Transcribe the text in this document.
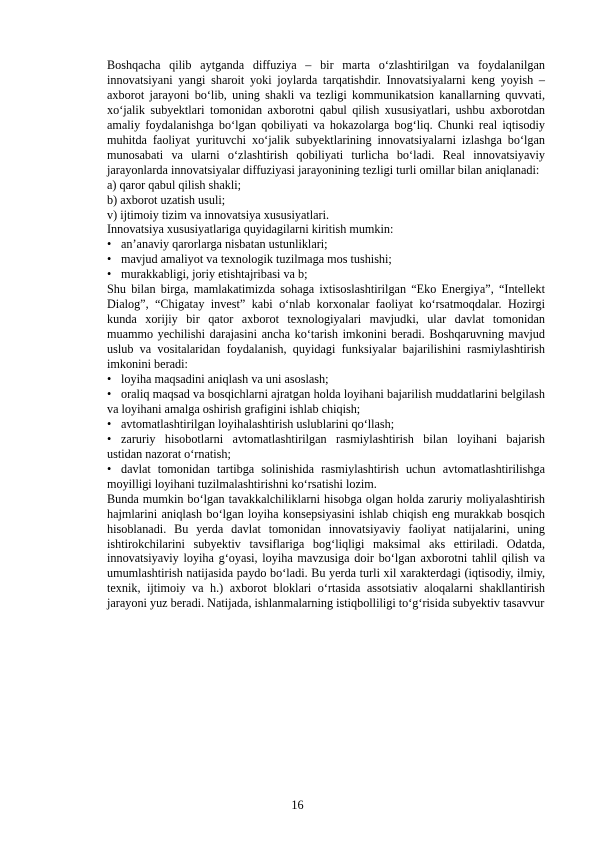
Boshqacha qilib aytganda diffuziya – bir marta o‘zlashtirilgan va foydalanilgan innovatsiyani yangi sharoit yoki joylarda tarqatishdir. Innovatsiyalarni keng yoyish – axborot jarayoni bo‘lib, uning shakli va tezligi kommunikatsion kanallarning quvvati, xo‘jalik subyektlari tomonidan axborotni qabul qilish xususiyatlari, ushbu axborotdan amaliy foydalanishga bo‘lgan qobiliyati va hokazolarga bog‘liq. Chunki real iqtisodiy muhitda faoliyat yurituvchi xo‘jalik subyektlarining innovatsiyalarni izlashga bo‘lgan munosabati va ularni o‘zlashtirish qobiliyati turlicha bo‘ladi. Real innovatsiyaviy jarayonlarda innovatsiyalar diffuziyasi jarayonining tezligi turli omillar bilan aniqlanadi:

a) qaror qabul qilish shakli;

b) axborot uzatish usuli;

v) ijtimoiy tizim va innovatsiya xususiyatlari.

Innovatsiya xususiyatlariga quyidagilarni kiritish mumkin:

• an’anaviy qarorlarga nisbatan ustunliklari;

• mavjud amaliyot va texnologik tuzilmaga mos tushishi;

• murakkabligi, joriy etishtajribasi va b;

Shu bilan birga, mamlakatimizda sohaga ixtisoslashtirilgan “Eko Energiya”, “Intellekt Dialog”, “Chigatay invest” kabi o‘nlab korxonalar faoliyat ko‘rsatmoqdalar. Hozirgi kunda xorijiy bir qator axborot texnologiyalari mavjudki, ular davlat tomonidan muammo yechilishi darajasini ancha ko‘tarish imkonini beradi. Boshqaruvning mavjud uslub va vositalaridan foydalanish, quyidagi funksiyalar bajarilishini rasmiylashtirish imkonini beradi:

• loyiha maqsadini aniqlash va uni asoslash;

• oraliq maqsad va bosqichlarni ajratgan holda loyihani bajarilish muddatlarini belgilash va loyihani amalga oshirish grafigini ishlab chiqish;

• avtomatlashtirilgan loyihalashtirish uslublarini qo‘llash;

• zaruriy hisobotlarni avtomatlashtirilgan rasmiylashtirish bilan loyihani bajarish ustidan nazorat o‘rnatish;

• davlat tomonidan tartibga solinishida rasmiylashtirish uchun avtomatlashtirilishga moyilligi loyihani tuzilmalashtirishni ko‘rsatishi lozim.

Bunda mumkin bo‘lgan tavakkalchiliklarni hisobga olgan holda zaruriy moliyalashtirish hajmlarini aniqlash bo‘lgan loyiha konsepsiyasini ishlab chiqish eng murakkab bosqich hisoblanadi. Bu yerda davlat tomonidan innovatsiyaviy faoliyat natijalarini, uning ishtirokchilarini subyektiv tavsiflariga bog‘liqligi maksimal aks ettiriladi. Odatda, innovatsiyaviy loyiha g‘oyasi, loyiha mavzusiga doir bo‘lgan axborotni tahlil qilish va umumlashtirish natijasida paydo bo‘ladi. Bu yerda turli xil xarakterdagi (iqtisodiy, ilmiy, texnik, ijtimoiy va h.) axborot bloklari o‘rtasida assotsiativ aloqalarni shakllantirish jarayoni yuz beradi. Natijada, ishlanmalarning istiqbolliligi to‘g‘risida subyektiv tasavvur

16
